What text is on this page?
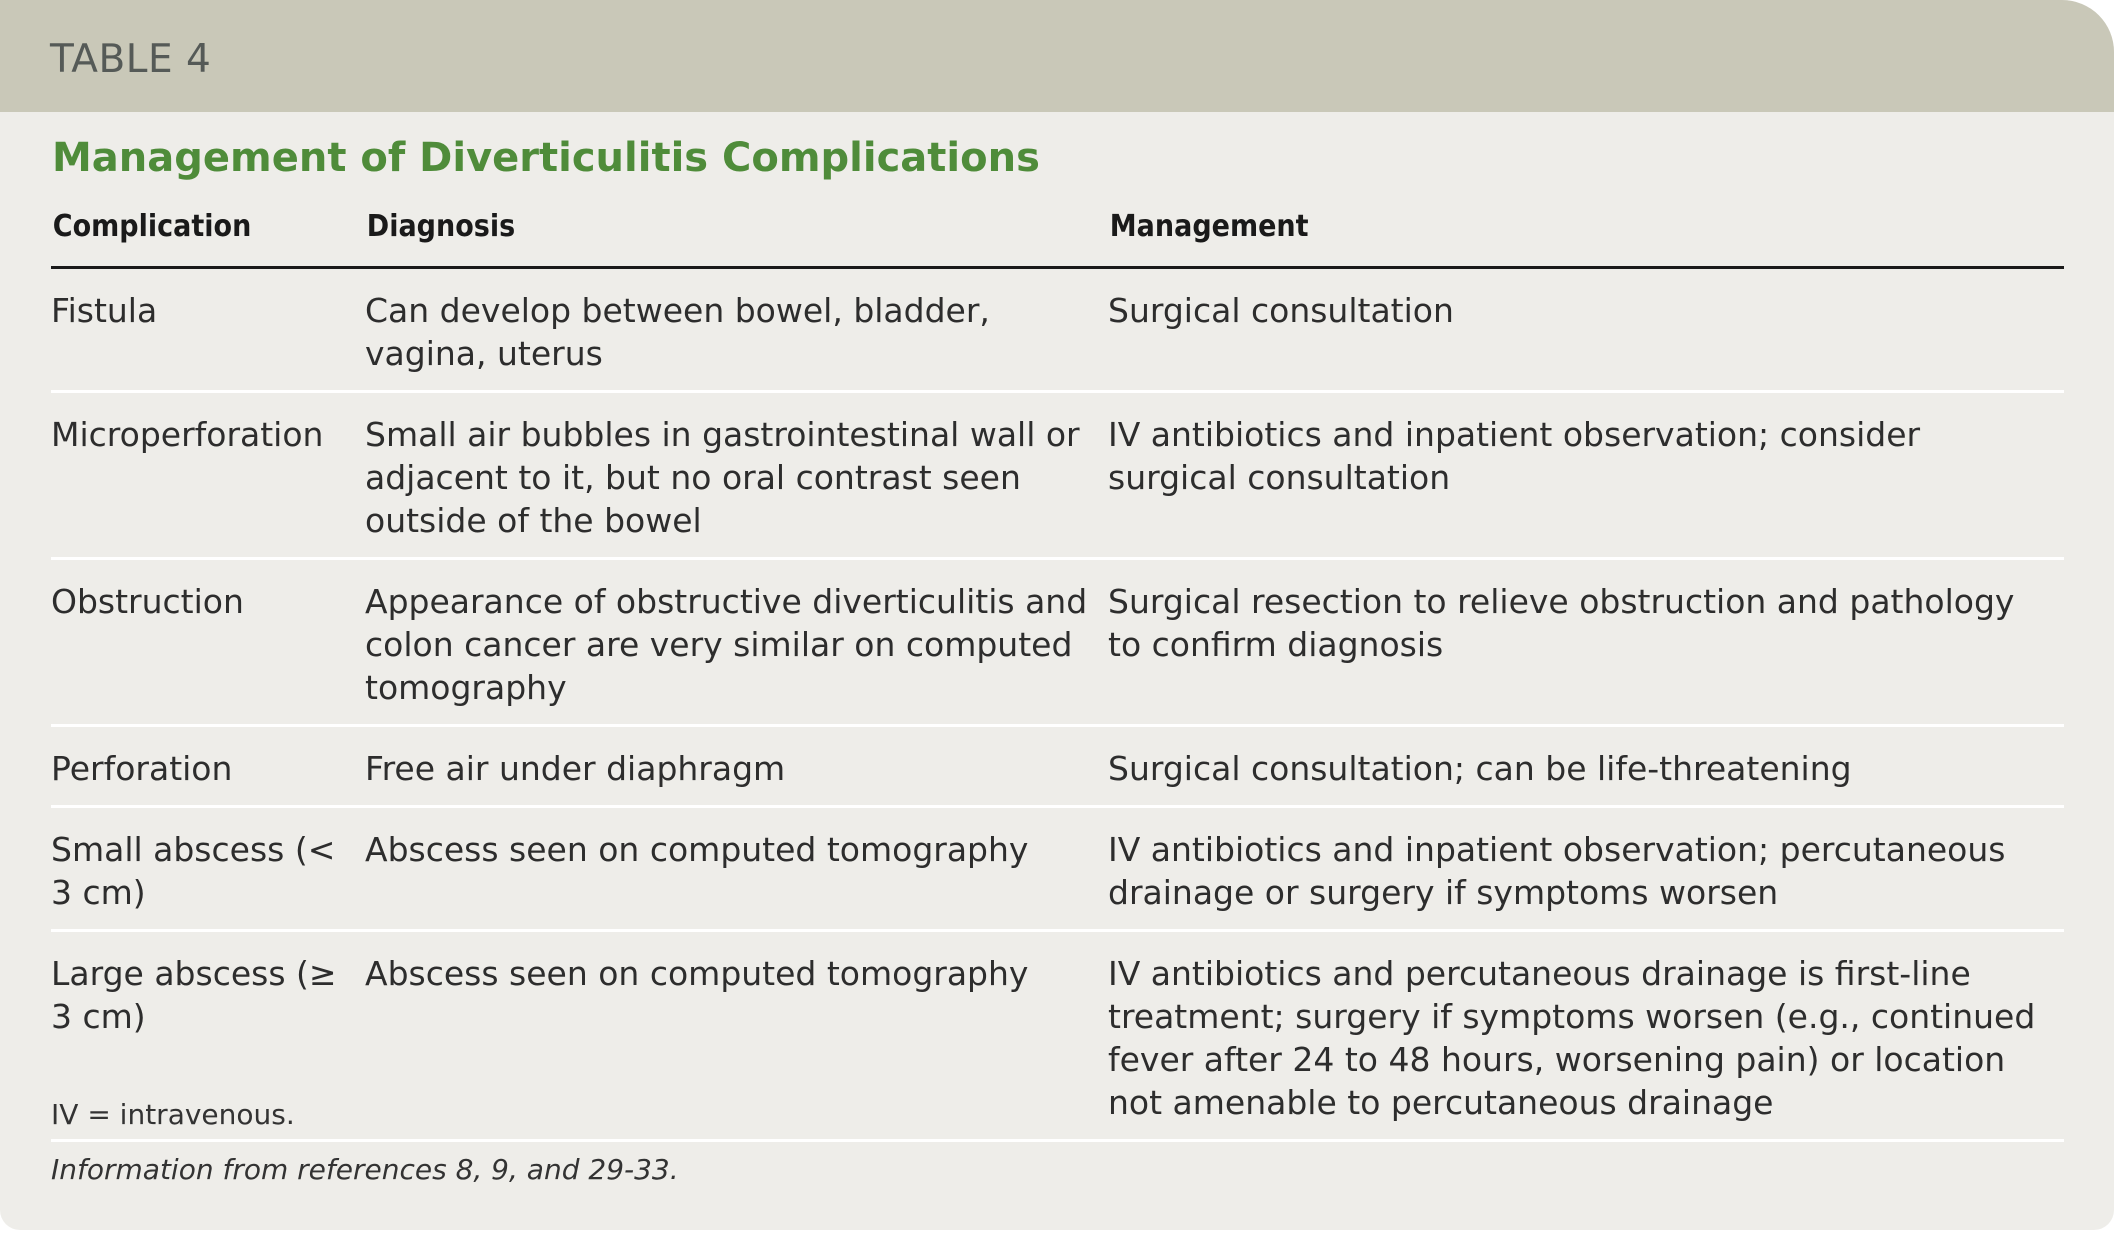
TABLE 4
Management of Diverticulitis Complications
Complication	Diagnosis	Management
Fistula	Can develop between bowel, bladder, vagina, uterus	Surgical consultation
Microperforation	Small air bubbles in gastrointestinal wall or adjacent to it, but no oral contrast seen outside of the bowel	IV antibiotics and inpatient observation; consider surgical consultation
Obstruction	Appearance of obstructive diverticulitis and colon cancer are very similar on computed tomography	Surgical resection to relieve obstruction and pathology to confirm diagnosis
Perforation	Free air under diaphragm	Surgical consultation; can be life-threatening
Small abscess (< 3 cm)	Abscess seen on computed tomography	IV antibiotics and inpatient observation; percutaneous drainage or surgery if symptoms worsen
Large abscess (≥ 3 cm)	Abscess seen on computed tomography	IV antibiotics and percutaneous drainage is first-line treatment; surgery if symptoms worsen (e.g., continued fever after 24 to 48 hours, worsening pain) or location not amenable to percutaneous drainage
IV = intravenous.
Information from references 8, 9, and 29-33.
